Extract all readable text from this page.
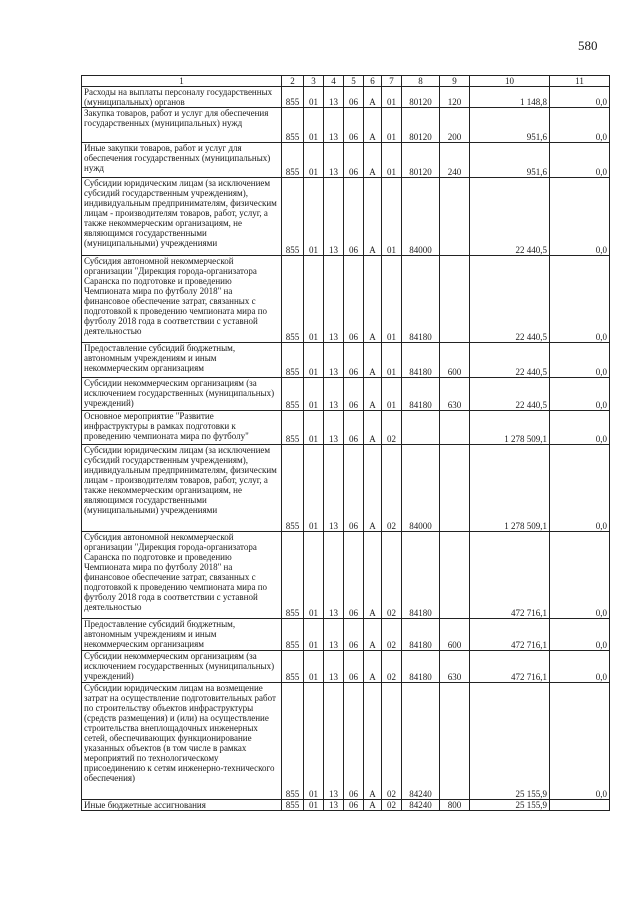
580
1	2	3	4	5	6	7	8	9	10	11
Расходы на выплаты персоналу государственных (муниципальных) органов	855	01	13	06	А	01	80120	120	1 148,8	0,0
Закупка товаров, работ и услуг для обеспечения государственных (муниципальных) нужд	855	01	13	06	А	01	80120	200	951,6	0,0
Иные закупки товаров, работ и услуг для обеспечения государственных (муниципальных) нужд	855	01	13	06	А	01	80120	240	951,6	0,0
Субсидии юридическим лицам (за исключением субсидий государственным учреждениям), индивидуальным предпринимателям, физическим лицам - производителям товаров, работ, услуг, а также некоммерческим организациям, не являющимся государственными (муниципальными) учреждениями	855	01	13	06	А	01	84000		22 440,5	0,0
Субсидия автономной некоммерческой организации "Дирекция города-организатора Саранска по подготовке и проведению Чемпионата мира по футболу 2018" на финансовое обеспечение затрат, связанных с подготовкой к проведению чемпионата мира по футболу 2018 года в соответствии с уставной деятельностью	855	01	13	06	А	01	84180		22 440,5	0,0
Предоставление субсидий бюджетным, автономным учреждениям и иным некоммерческим организациям	855	01	13	06	А	01	84180	600	22 440,5	0,0
Субсидии некоммерческим организациям (за исключением государственных (муниципальных) учреждений)	855	01	13	06	А	01	84180	630	22 440,5	0,0
Основное мероприятие "Развитие инфраструктуры в рамках подготовки к проведению чемпионата мира по футболу"	855	01	13	06	А	02			1 278 509,1	0,0
Субсидии юридическим лицам (за исключением субсидий государственным учреждениям), индивидуальным предпринимателям, физическим лицам - производителям товаров, работ, услуг, а также некоммерческим организациям, не являющимся государственными (муниципальными) учреждениями	855	01	13	06	А	02	84000		1 278 509,1	0,0
Субсидия автономной некоммерческой организации "Дирекция города-организатора Саранска по подготовке и проведению Чемпионата мира по футболу 2018" на финансовое обеспечение затрат, связанных с подготовкой к проведению чемпионата мира по футболу 2018 года в соответствии с уставной деятельностью	855	01	13	06	А	02	84180		472 716,1	0,0
Предоставление субсидий бюджетным, автономным учреждениям и иным некоммерческим организациям	855	01	13	06	А	02	84180	600	472 716,1	0,0
Субсидии некоммерческим организациям (за исключением государственных (муниципальных) учреждений)	855	01	13	06	А	02	84180	630	472 716,1	0,0
Субсидии юридическим лицам на возмещение затрат на осуществление подготовительных работ по строительству объектов инфраструктуры (средств размещения) и (или) на осуществление строительства внеплощадочных инженерных сетей, обеспечивающих функционирование указанных объектов (в том числе в рамках мероприятий по технологическому присоединению к сетям инженерно-технического обеспечения)	855	01	13	06	А	02	84240		25 155,9	0,0
Иные бюджетные ассигнования	855	01	13	06	А	02	84240	800	25 155,9	
